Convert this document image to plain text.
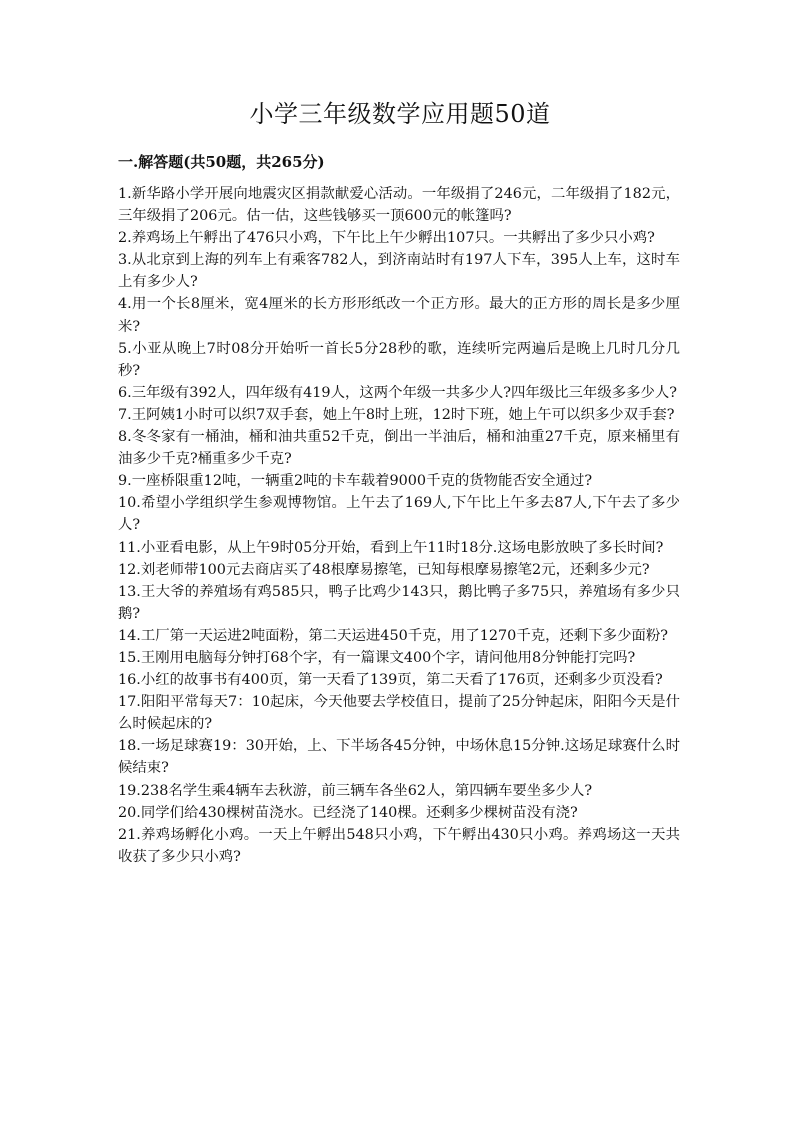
小学三年级数学应用题50道
一.解答题(共50题，共265分)
1.新华路小学开展向地震灾区捐款献爱心活动。一年级捐了246元，二年级捐了182元，三年级捐了206元。估一估，这些钱够买一顶600元的帐篷吗?
2.养鸡场上午孵出了476只小鸡，下午比上午少孵出107只。一共孵出了多少只小鸡?
3.从北京到上海的列车上有乘客782人，到济南站时有197人下车，395人上车，这时车上有多少人?
4.用一个长8厘米，宽4厘米的长方形形纸改一个正方形。最大的正方形的周长是多少厘米?
5.小亚从晚上7时08分开始听一首长5分28秒的歌，连续听完两遍后是晚上几时几分几秒?
6.三年级有392人，四年级有419人，这两个年级一共多少人?四年级比三年级多多少人?
7.王阿姨1小时可以织7双手套，她上午8时上班，12时下班，她上午可以织多少双手套?
8.冬冬家有一桶油，桶和油共重52千克，倒出一半油后，桶和油重27千克，原来桶里有油多少千克?桶重多少千克?
9.一座桥限重12吨，一辆重2吨的卡车载着9000千克的货物能否安全通过?
10.希望小学组织学生参观博物馆。上午去了169人,下午比上午多去87人,下午去了多少人?
11.小亚看电影，从上午9时05分开始，看到上午11时18分.这场电影放映了多长时间?
12.刘老师带100元去商店买了48根摩易擦笔，已知每根摩易擦笔2元，还剩多少元?
13.王大爷的养殖场有鸡585只，鸭子比鸡少143只，鹅比鸭子多75只，养殖场有多少只鹅?
14.工厂第一天运进2吨面粉，第二天运进450千克，用了1270千克，还剩下多少面粉?
15.王刚用电脑每分钟打68个字，有一篇课文400个字，请问他用8分钟能打完吗?
16.小红的故事书有400页，第一天看了139页，第二天看了176页，还剩多少页没看?
17.阳阳平常每天7：10起床，今天他要去学校值日，提前了25分钟起床，阳阳今天是什么时候起床的?
18.一场足球赛19：30开始，上、下半场各45分钟，中场休息15分钟.这场足球赛什么时候结束?
19.238名学生乘4辆车去秋游，前三辆车各坐62人，第四辆车要坐多少人?
20.同学们给430棵树苗浇水。已经浇了140棵。还剩多少棵树苗没有浇?
21.养鸡场孵化小鸡。一天上午孵出548只小鸡，下午孵出430只小鸡。养鸡场这一天共收获了多少只小鸡?
